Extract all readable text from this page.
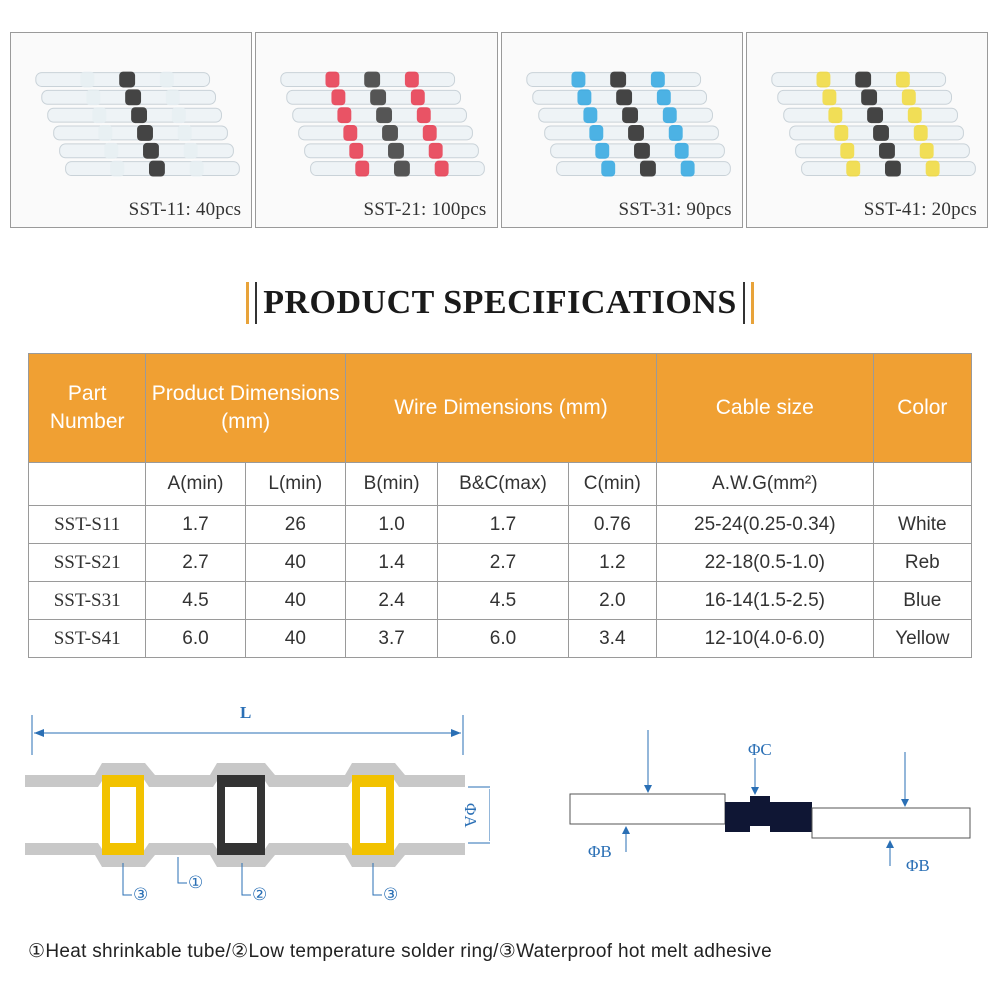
SST-11: 40pcs	SST-21: 100pcs	SST-31: 90pcs	SST-41: 20pcs
PRODUCT SPECIFICATIONS
Part Number	Product Dimensions (mm)		Wire Dimensions (mm)			Cable size	Color
	A(min)	L(min)	B(min)	B&C(max)	C(min)	A.W.G(mm²)	
SST-S11	1.7	26	1.0	1.7	0.76	25-24(0.25-0.34)	White
SST-S21	2.7	40	1.4	2.7	1.2	22-18(0.5-1.0)	Reb
SST-S31	4.5	40	2.4	4.5	2.0	16-14(1.5-2.5)	Blue
SST-S41	6.0	40	3.7	6.0	3.4	12-10(4.0-6.0)	Yellow
L
ΦA
③
①
②	③
ΦC
ΦB
ΦB
①Heat shrinkable tube/②Low temperature solder ring/③Waterproof hot melt adhesive
